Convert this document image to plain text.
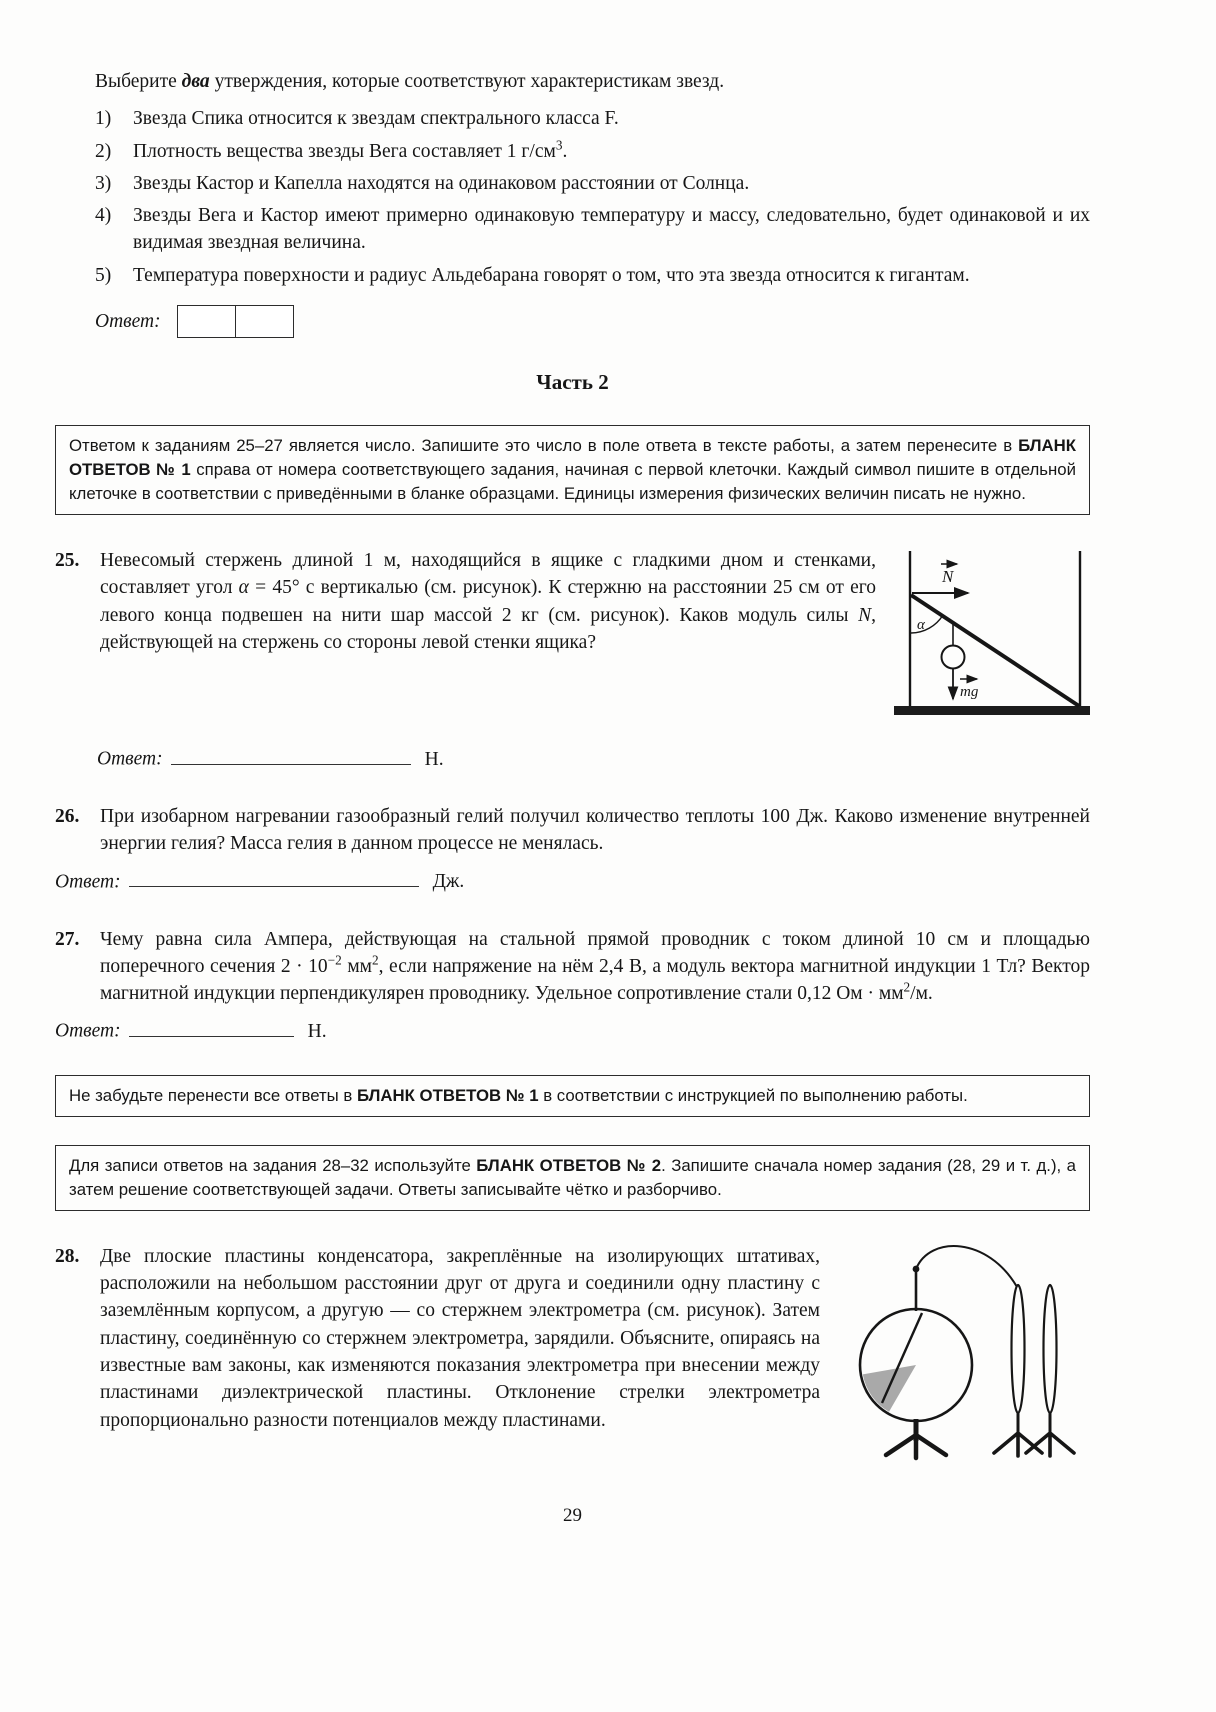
Выберите два утверждения, которые соответствуют характеристикам звезд.

1)	Звезда Спика относится к звездам спектрального класса F.
2)	Плотность вещества звезды Вега составляет 1 $г/см^3$.
3)	Звезды Кастор и Капелла находятся на одинаковом расстоянии от Солнца.
4)	Звезды Вега и Кастор имеют примерно одинаковую температуру и массу, следовательно, будет одинаковой и их видимая звездная величина.
5)	Температура поверхности и радиус Альдебарана говорят о том, что эта звезда относится к гигантам.
Ответ:
Часть 2
Ответом к заданиям 25–27 является число. Запишите это число в поле ответа в тексте работы, а затем перенесите в БЛАНК ОТВЕТОВ № 1 справа от номера соответствующего задания, начиная с первой клеточки. Каждый символ пишите в отдельной клеточке в соответствии с приведёнными в бланке образцами. Единицы измерения физических величин писать не нужно.
25.
N
α
mg
Невесомый стержень длиной 1 м, находящийся в ящике с гладкими дном и стенками, составляет угол α = 45° с вертикалью (см. рисунок). К стержню на расстоянии 25 см от его левого конца подвешен на нити шар массой 2 кг (см. рисунок). Каков модуль силы N, действующей на стержень со стороны левой стенки ящика?
Ответ:	Н.
26.	При изобарном нагревании газообразный гелий получил количество теплоты 100 Дж. Каково изменение внутренней энергии гелия? Масса гелия в данном процессе не менялась.
Ответ:	Дж.
27.	Чему равна сила Ампера, действующая на стальной прямой проводник с током длиной 10 см и площадью поперечного сечения $2 \cdot 10^{-2}$ $мм^2$, если напряжение на нём 2,4 В, а модуль вектора магнитной индукции 1 Тл? Вектор магнитной индукции перпендикулярен проводнику. Удельное сопротивление стали 0,12 Ом · $мм^2/м$.
Ответ:	Н.
Не забудьте перенести все ответы в БЛАНК ОТВЕТОВ № 1 в соответствии с инструкцией по выполнению работы.
Для записи ответов на задания 28–32 используйте БЛАНК ОТВЕТОВ № 2. Запишите сначала номер задания (28, 29 и т. д.), а затем решение соответствующей задачи. Ответы записывайте чётко и разборчиво.
28.	Две плоские пластины конденсатора, закреплённые на изолирующих штативах, расположили на небольшом расстоянии друг от друга и соединили одну пластину с заземлённым корпусом, а другую — со стержнем электрометра (см. рисунок). Затем пластину, соединённую со стержнем электрометра, зарядили. Объясните, опираясь на известные вам законы, как изменяются показания электрометра при внесении между пластинами диэлектрической пластины. Отклонение стрелки электрометра пропорционально разности потенциалов между пластинами.
29
